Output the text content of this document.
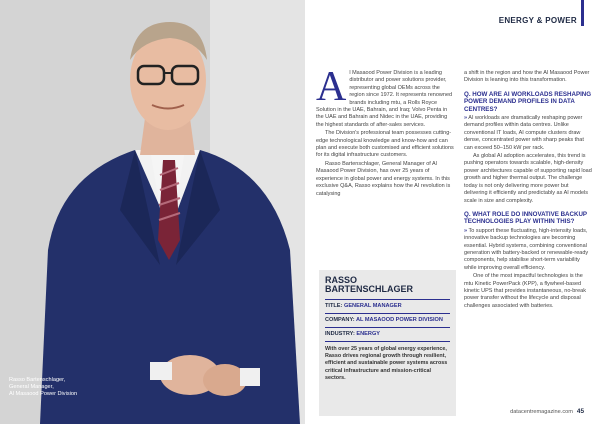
Rasso Bartenschlager,
General Manager,
Al Masaood Power Division
ENERGY & POWER
A l Masaood Power Division is a leading distributor and power solutions provider, representing global OEMs across the region since 1972. It represents renowned brands including mtu, a Rolls Royce Solution in the UAE, Bahrain, and Iraq; Volvo Penta in the UAE and Bahrain and Nidec in the UAE, providing the highest standards of after-sales services.

The Division's professional team possesses cutting-edge technological knowledge and know-how and can plan and execute both customised and efficient solutions for its digital infrastructure customers.

Rasso Bartenschlager, General Manager of Al Masaood Power Division, has over 25 years of experience in global power and energy systems. In this exclusive Q&A, Rasso explains how the AI revolution is catalysing

RASSO
BARTENSCHLAGER
TITLE: GENERAL MANAGER
COMPANY: AL MASAOOD POWER DIVISION
INDUSTRY: ENERGY
With over 25 years of global energy experience, Rasso drives regional growth through resilient, efficient and sustainable power systems across critical infrastructure and mission-critical sectors.

a shift in the region and how the Al Masaood Power Division is leaning into this transformation.

Q. HOW ARE AI WORKLOADS RESHAPING POWER DEMAND PROFILES IN DATA CENTRES?

» AI workloads are dramatically reshaping power demand profiles within data centres. Unlike conventional IT loads, AI compute clusters draw dense, concentrated power with sharp peaks that can exceed 50–150 kW per rack.

As global AI adoption accelerates, this trend is pushing operators towards scalable, high-density power architectures capable of supporting rapid load growth and higher thermal output. The challenge today is not only delivering more power but delivering it efficiently and predictably as AI models scale in size and complexity.

Q. WHAT ROLE DO INNOVATIVE BACKUP TECHNOLOGIES PLAY WITHIN THIS?

» To support these fluctuating, high-intensity loads, innovative backup technologies are becoming essential. Hybrid systems, combining conventional generation with battery-backed or renewable-ready components, help stabilise short-term variability while improving overall efficiency.

One of the most impactful technologies is the mtu Kinetic PowerPack (KPP), a flywheel-based kinetic UPS that provides instantaneous, no-break power transfer without the lifecycle and disposal challenges associated with batteries.

datacentremagazine.com 45
